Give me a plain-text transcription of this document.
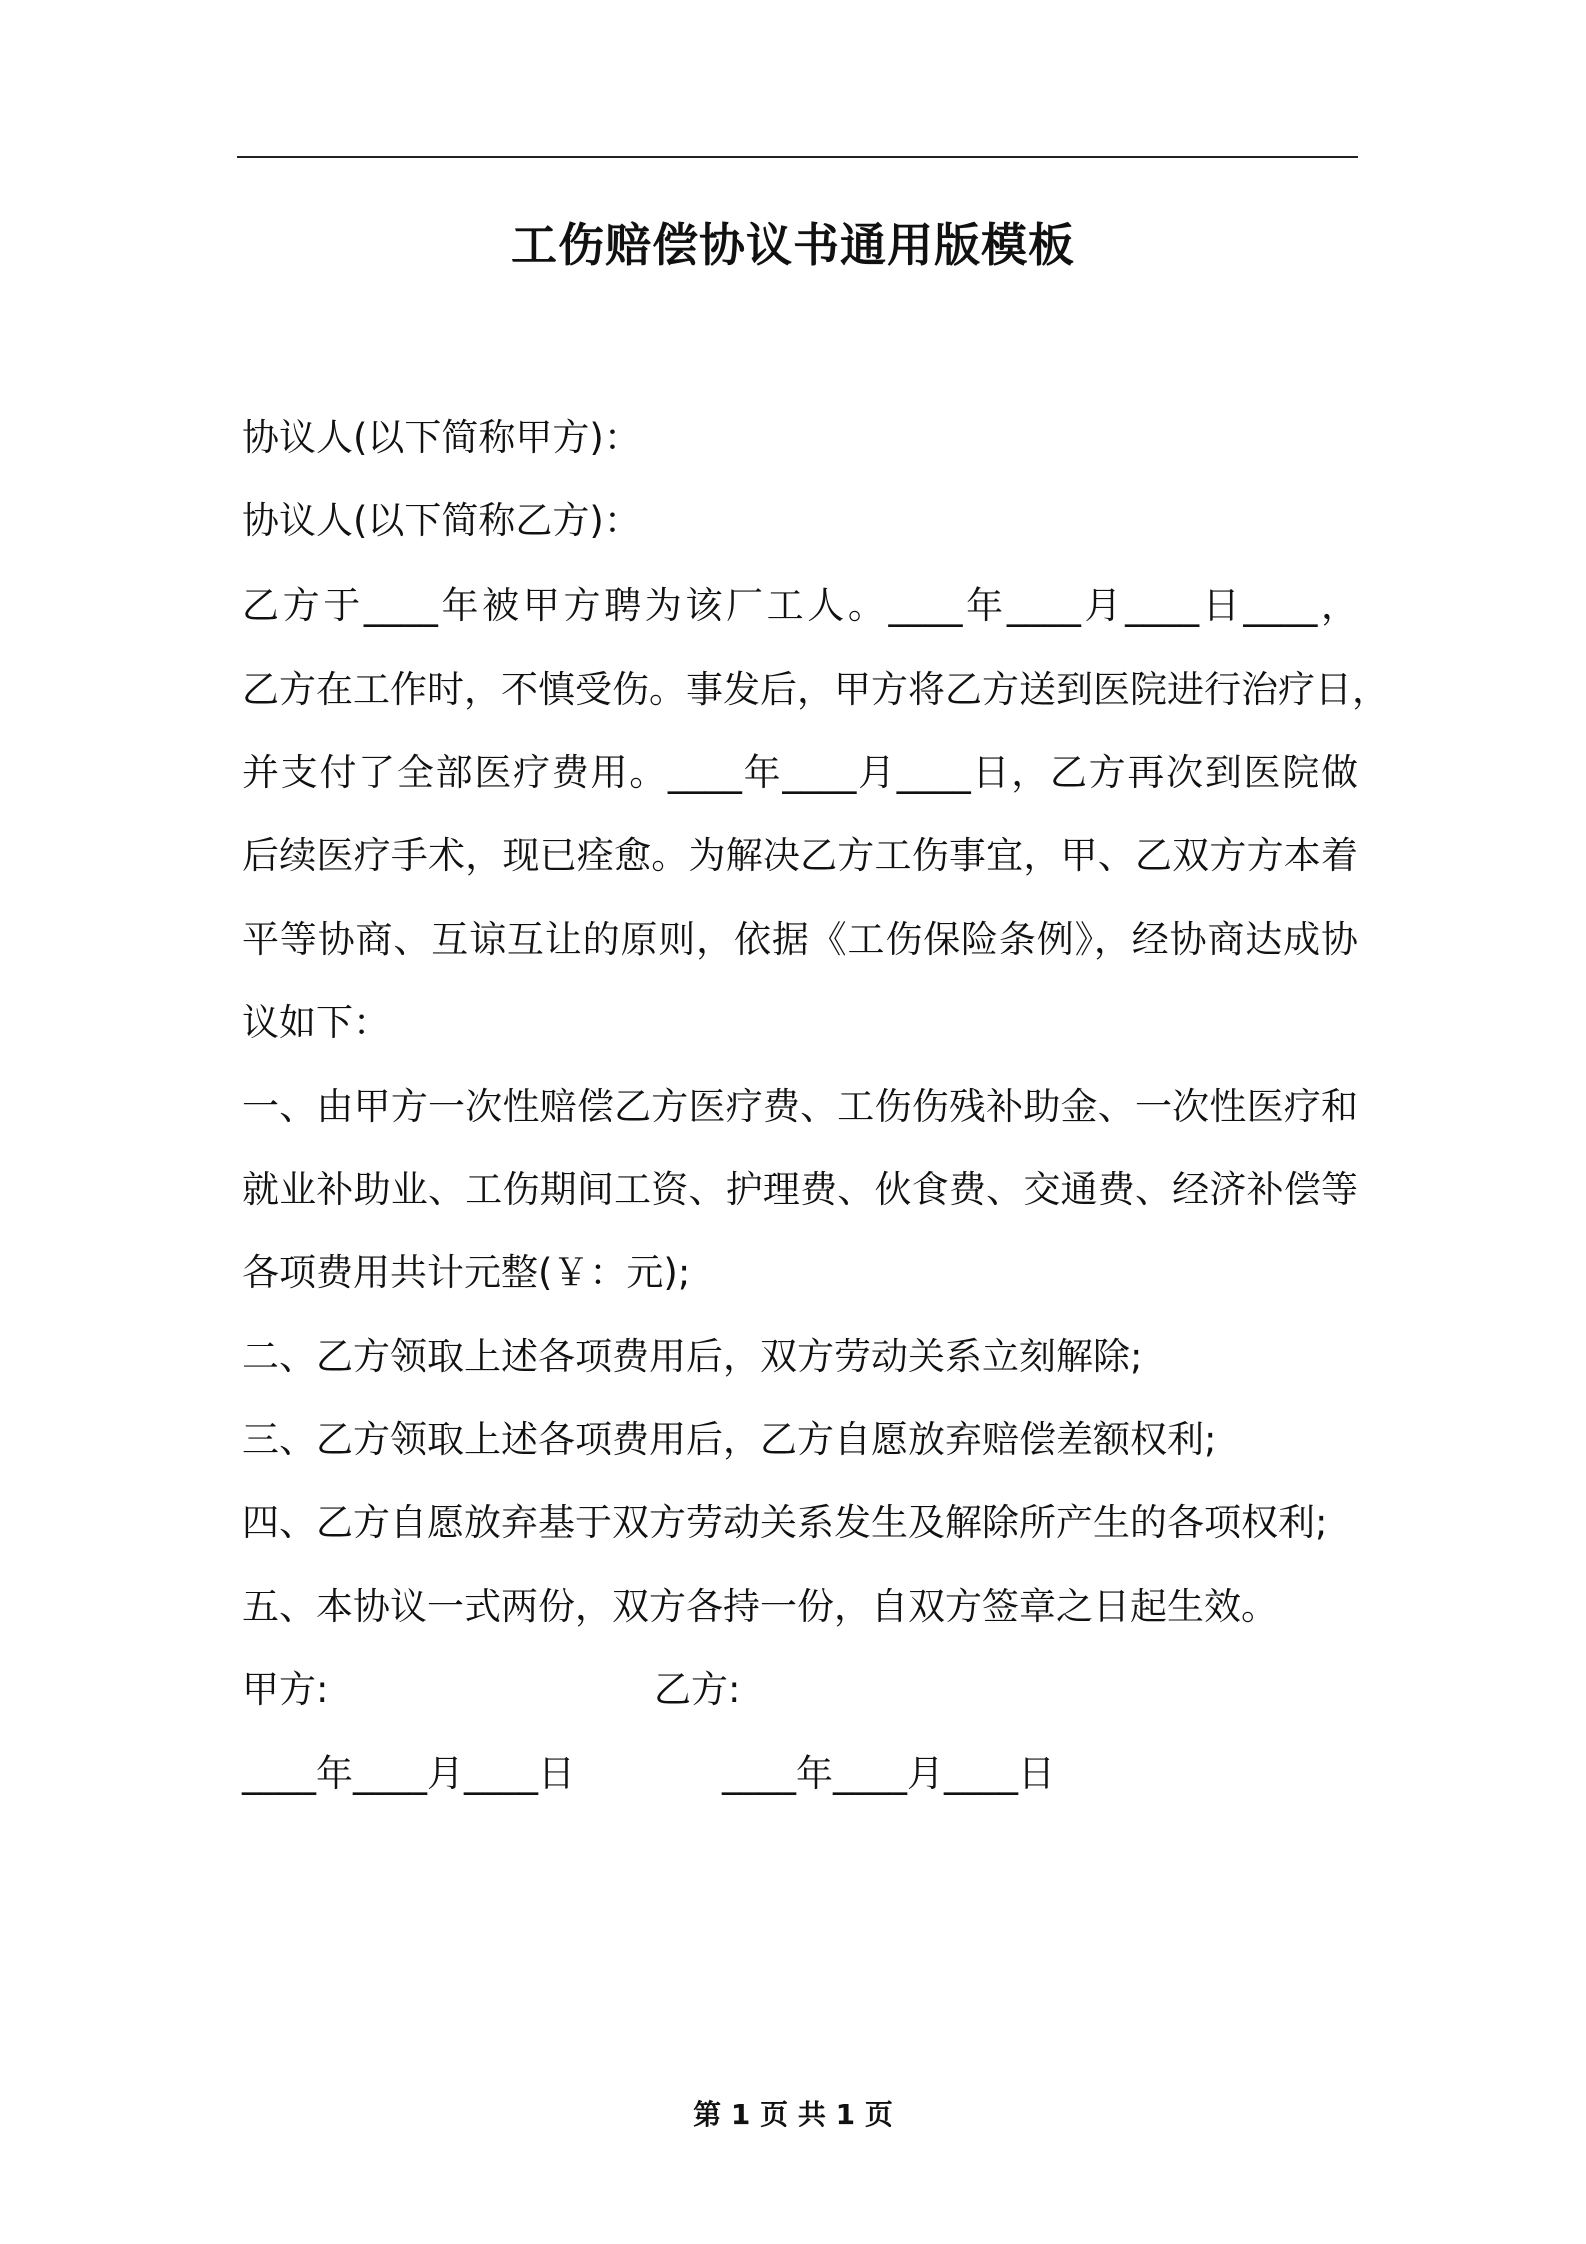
工伤赔偿协议书通用版模板
协议人(以下简称甲方)：
协议人(以下简称乙方)：
乙方于____年被甲方聘为该厂工人。____年____月____日____，
乙方在工作时，不慎受伤。事发后，甲方将乙方送到医院进行治疗日，
并支付了全部医疗费用。____年____月____日，乙方再次到医院做
后续医疗手术，现已痊愈。为解决乙方工伤事宜，甲、乙双方方本着
平等协商、互谅互让的原则，依据《工伤保险条例》，经协商达成协
议如下：
一、由甲方一次性赔偿乙方医疗费、工伤伤残补助金、一次性医疗和
就业补助业、工伤期间工资、护理费、伙食费、交通费、经济补偿等
各项费用共计元整(￥：元);
二、乙方领取上述各项费用后，双方劳动关系立刻解除;
三、乙方领取上述各项费用后，乙方自愿放弃赔偿差额权利;
四、乙方自愿放弃基于双方劳动关系发生及解除所产生的各项权利;
五、本协议一式两份，双方各持一份，自双方签章之日起生效。
甲方:	乙方:
____年____月____日	____年____月____日
第 1 页 共 1 页
